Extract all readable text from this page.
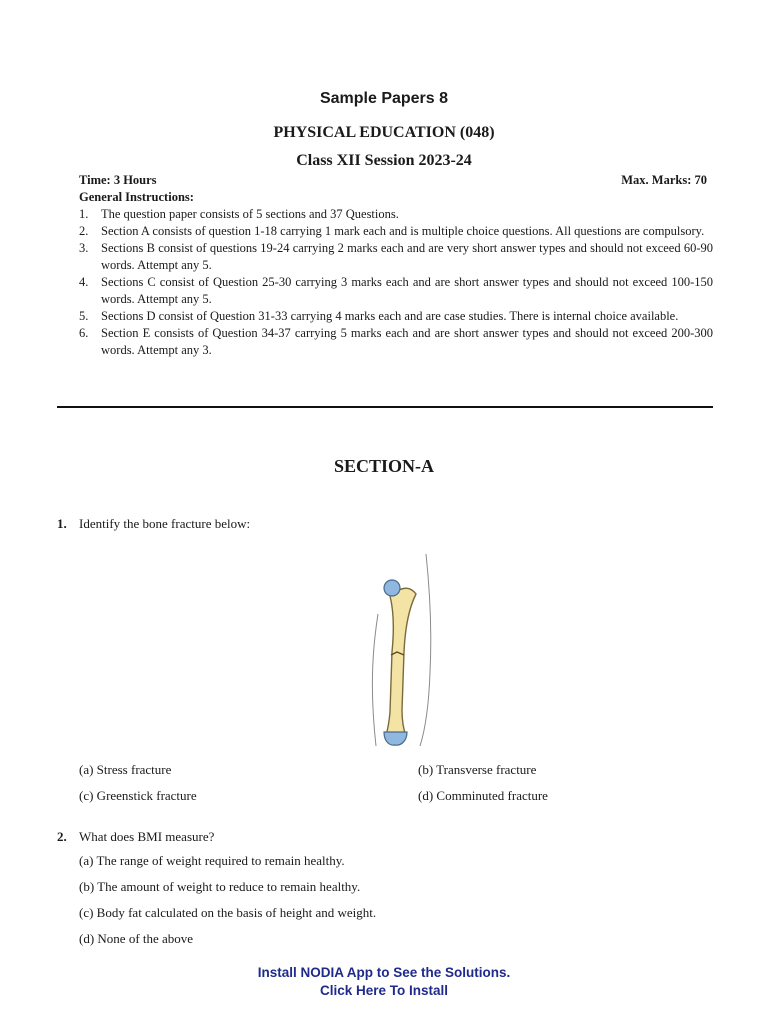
Sample Papers 8
PHYSICAL EDUCATION (048)
Class XII Session 2023-24
Time: 3 Hours	Max. Marks: 70
General Instructions:
1.	The question paper consists of 5 sections and 37 Questions.
2.	Section A consists of question 1-18 carrying 1 mark each and is multiple choice questions. All questions are compulsory.
3.	Sections B consist of questions 19-24 carrying 2 marks each and are very short answer types and should not exceed 60-90 words. Attempt any 5.
4.	Sections C consist of Question 25-30 carrying 3 marks each and are short answer types and should not exceed 100-150 words. Attempt any 5.
5.	Sections D consist of Question 31-33 carrying 4 marks each and are case studies. There is internal choice available.
6.	Section E consists of Question 34-37 carrying 5 marks each and are short answer types and should not exceed 200-300 words. Attempt any 3.
SECTION-A
1. Identify the bone fracture below:
(a) Stress fracture	(b) Transverse fracture
(c) Greenstick fracture	(d) Comminuted fracture
2. What does BMI measure?
(a) The range of weight required to remain healthy.
(b) The amount of weight to reduce to remain healthy.
(c) Body fat calculated on the basis of height and weight.
(d) None of the above
Install NODIA App to See the Solutions.
Click Here To Install
